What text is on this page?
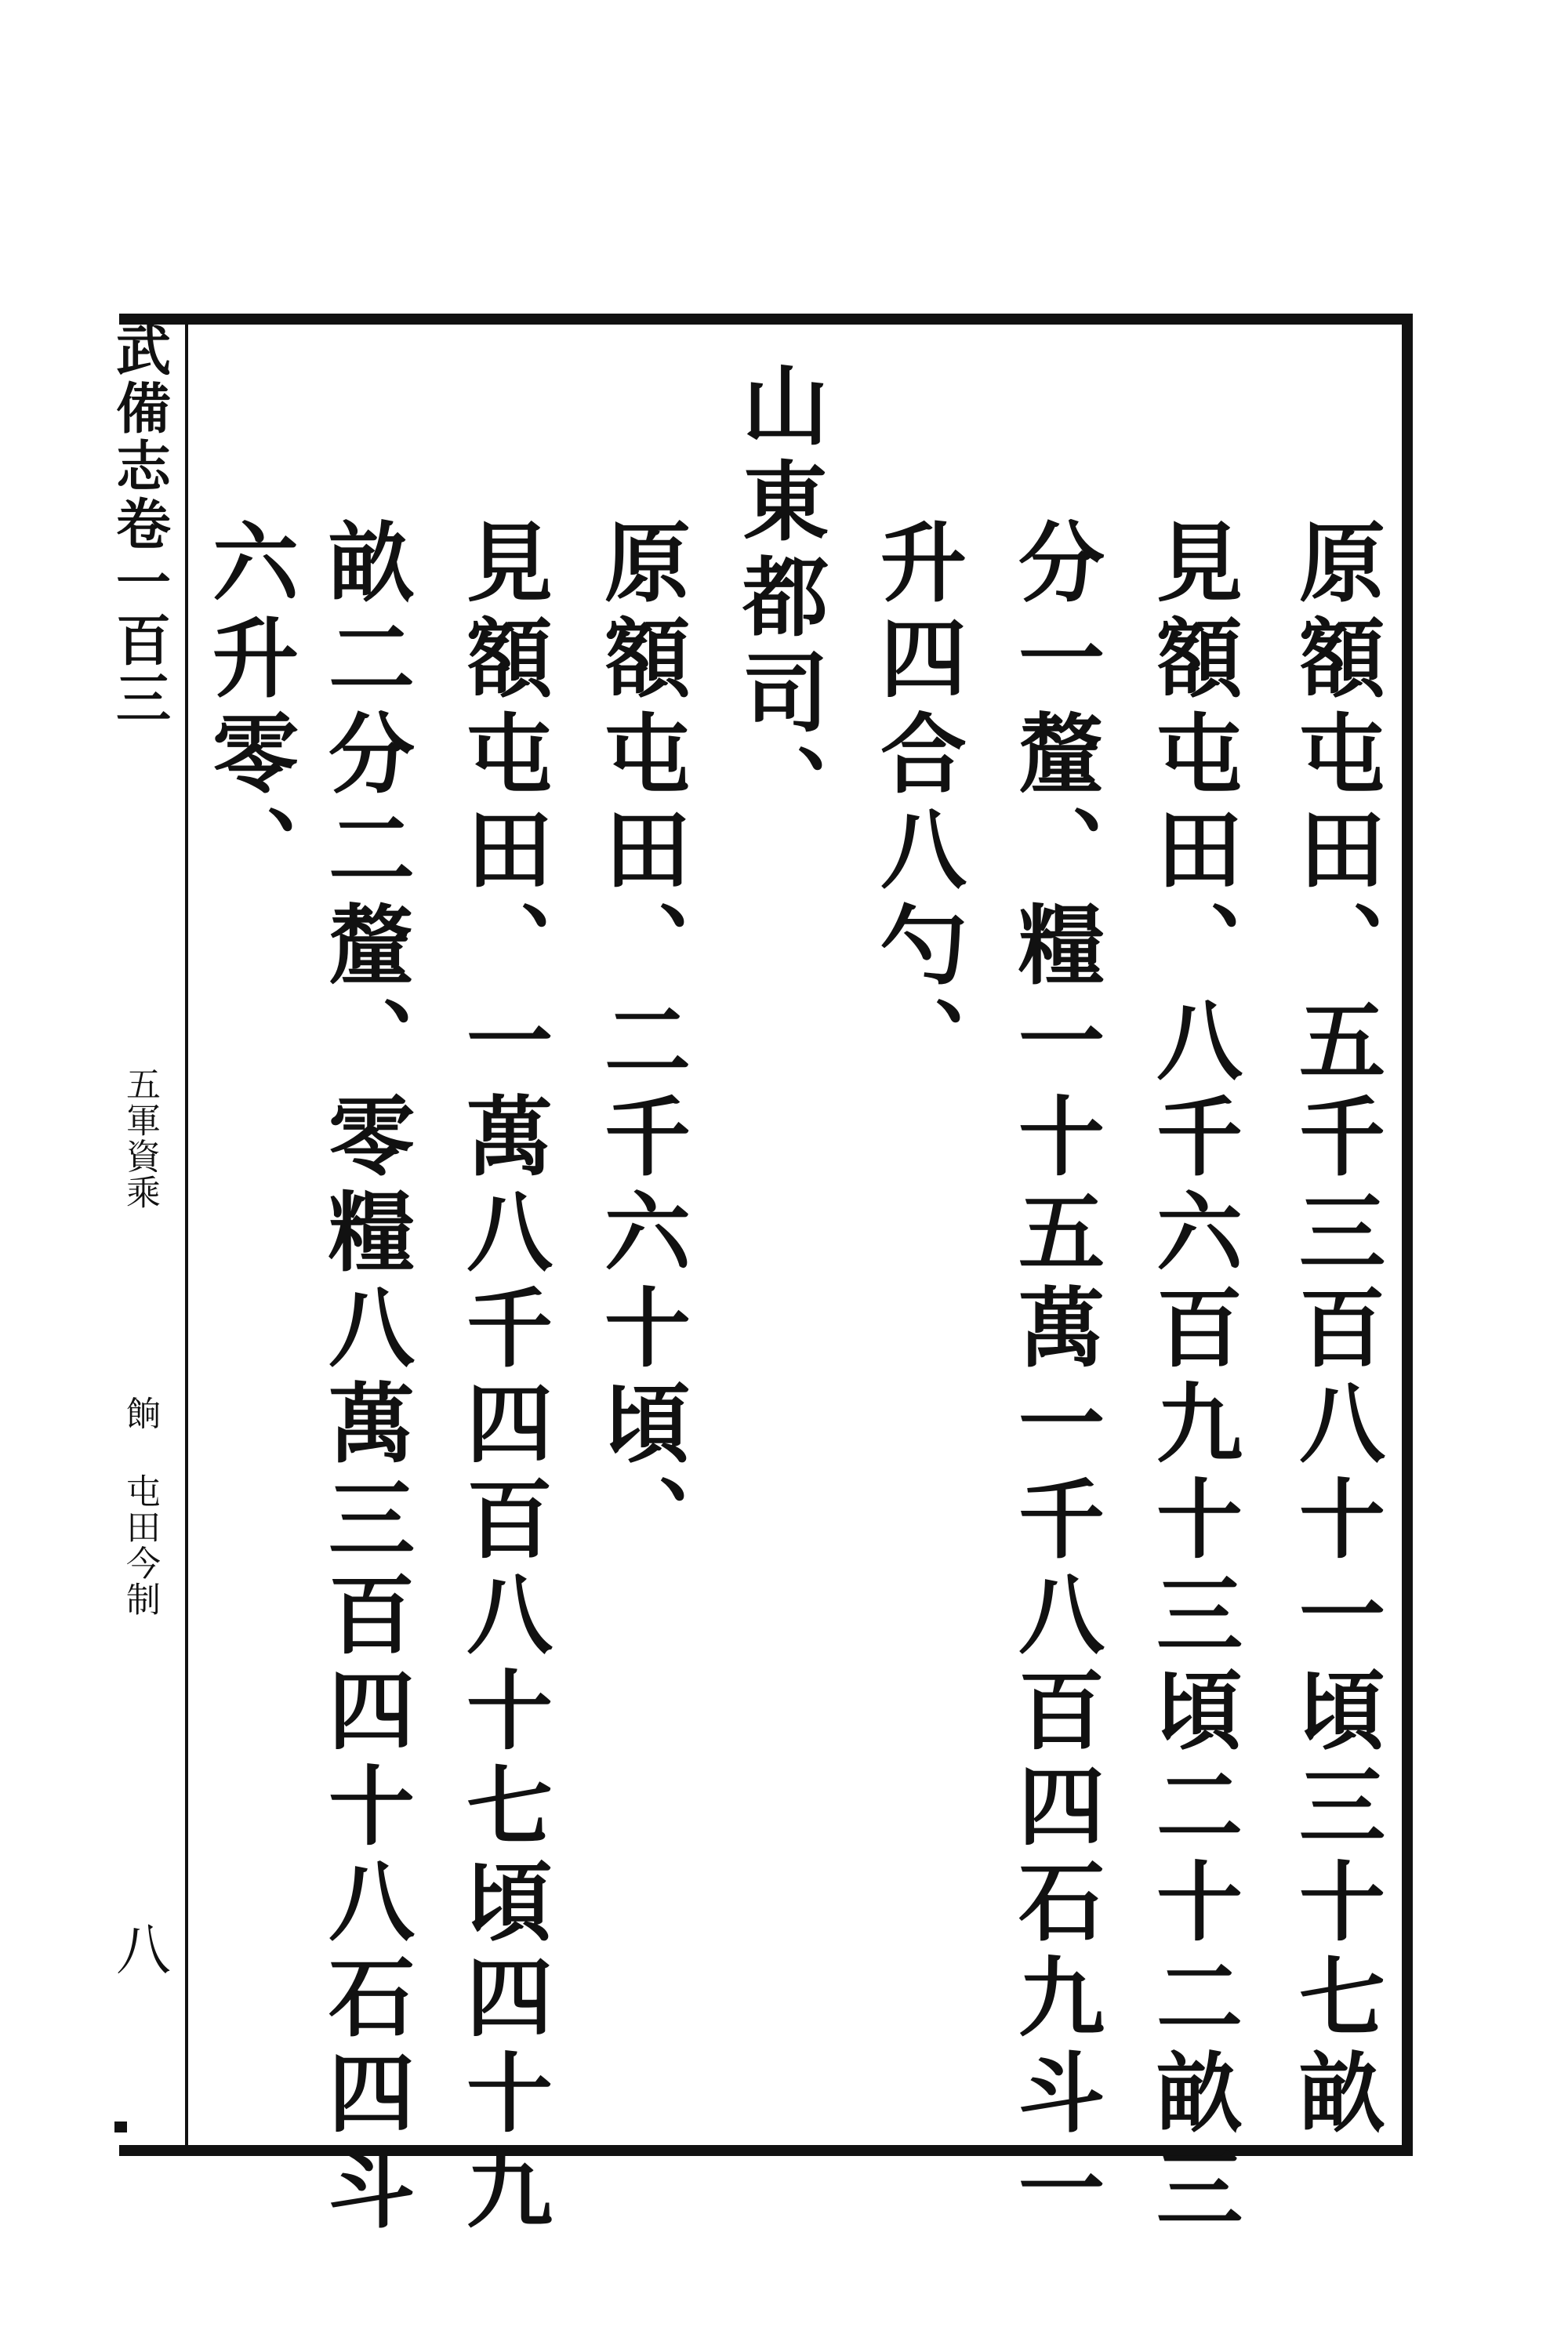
武備志卷一百三
五軍資乘
餉 屯田今制
八	原額屯田、五千三百八十一頃三十七畝
見額屯田、八千六百九十三頃二十二畝三
分一釐、糧一十五萬一千八百四石九斗一
升四合八勺、
山東都司、
原額屯田、二千六十頃、
見額屯田、一萬八千四百八十七頃四十九
畝二分二釐、零糧八萬三百四十八石四斗
六升零、
